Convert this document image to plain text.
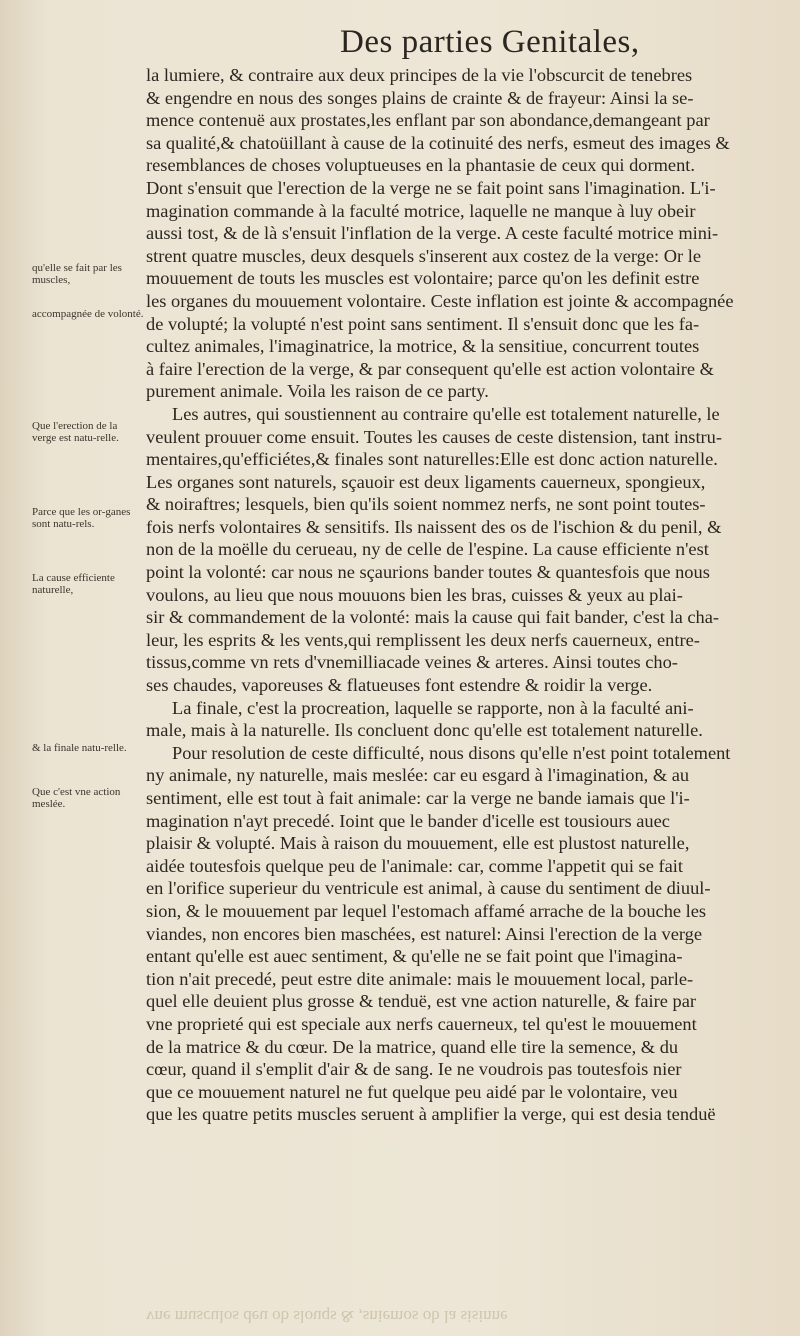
Des parties Genitales,
qu'elle se fait par les muscles,
accompagnée de volonté.
Que l'erection de la verge est natu-relle.
Parce que les or-ganes sont natu-rels.
La cause efficiente naturelle,
& la finale natu-relle.
Que c'est vne action meslée.
la lumiere, & contraire aux deux principes de la vie l'obscurcit de tenebres
& engendre en nous des songes plains de crainte & de frayeur: Ainsi la se-
mence contenuë aux prostates,les enflant par son abondance,demangeant par
sa qualité,& chatoüillant à cause de la cotinuité des nerfs, esmeut des images &
resemblances de choses voluptueuses en la phantasie de ceux qui dorment.
Dont s'ensuit que l'erection de la verge ne se fait point sans l'imagination. L'i-
magination commande à la faculté motrice, laquelle ne manque à luy obeir
aussi tost, & de là s'ensuit l'inflation de la verge. A ceste faculté motrice mini-
strent quatre muscles, deux desquels s'inserent aux costez de la verge: Or le
mouuement de touts les muscles est volontaire; parce qu'on les definit estre
les organes du mouuement volontaire. Ceste inflation est jointe & accompagnée
de volupté; la volupté n'est point sans sentiment. Il s'ensuit donc que les fa-
cultez animales, l'imaginatrice, la motrice, & la sensitiue, concurrent toutes
à faire l'erection de la verge, & par consequent qu'elle est action volontaire &
purement animale. Voila les raison de ce party.
Les autres, qui soustiennent au contraire qu'elle est totalement naturelle, le
veulent prouuer come ensuit. Toutes les causes de ceste distension, tant instru-
mentaires,qu'efficiétes,& finales sont naturelles:Elle est donc action naturelle.
Les organes sont naturels, sçauoir est deux ligaments cauerneux, spongieux,
& noiraftres; lesquels, bien qu'ils soient nommez nerfs, ne sont point toutes-
fois nerfs volontaires & sensitifs. Ils naissent des os de l'ischion & du penil, &
non de la moëlle du cerueau, ny de celle de l'espine. La cause efficiente n'est
point la volonté: car nous ne sçaurions bander toutes & quantesfois que nous
voulons, au lieu que nous mouuons bien les bras, cuisses & yeux au plai-
sir & commandement de la volonté: mais la cause qui fait bander, c'est la cha-
leur, les esprits & les vents,qui remplissent les deux nerfs cauerneux, entre-
tissus,comme vn rets d'vnemilliacade veines & arteres. Ainsi toutes cho-
ses chaudes, vaporeuses & flatueuses font estendre & roidir la verge.
La finale, c'est la procreation, laquelle se rapporte, non à la faculté ani-
male, mais à la naturelle. Ils concluent donc qu'elle est totalement naturelle.
Pour resolution de ceste difficulté, nous disons qu'elle n'est point totalement
ny animale, ny naturelle, mais meslée: car eu esgard à l'imagination, & au
sentiment, elle est tout à fait animale: car la verge ne bande iamais que l'i-
magination n'ayt precedé. Ioint que le bander d'icelle est tousiours auec
plaisir & volupté. Mais à raison du mouuement, elle est plustost naturelle,
aidée toutesfois quelque peu de l'animale: car, comme l'appetit qui se fait
en l'orifice superieur du ventricule est animal, à cause du sentiment de diuul-
sion, & le mouuement par lequel l'estomach affamé arrache de la bouche les
viandes, non encores bien maschées, est naturel: Ainsi l'erection de la verge
entant qu'elle est auec sentiment, & qu'elle ne se fait point que l'imagina-
tion n'ait precedé, peut estre dite animale: mais le mouuement local, parle-
quel elle deuient plus grosse & tenduë, est vne action naturelle, & faire par
vne proprieté qui est speciale aux nerfs cauerneux, tel qu'est le mouuement
de la matrice & du cœur. De la matrice, quand elle tire la semence, & du
cœur, quand il s'emplit d'air & de sang. Ie ne voudrois pas toutesfois nier
que ce mouuement naturel ne fut quelque peu aidé par le volontaire, veu
que les quatre petits muscles seruent à amplifier la verge, qui est desia tenduë
vne musculos deu ob slouqs & ,sniemos ob la sisinne
